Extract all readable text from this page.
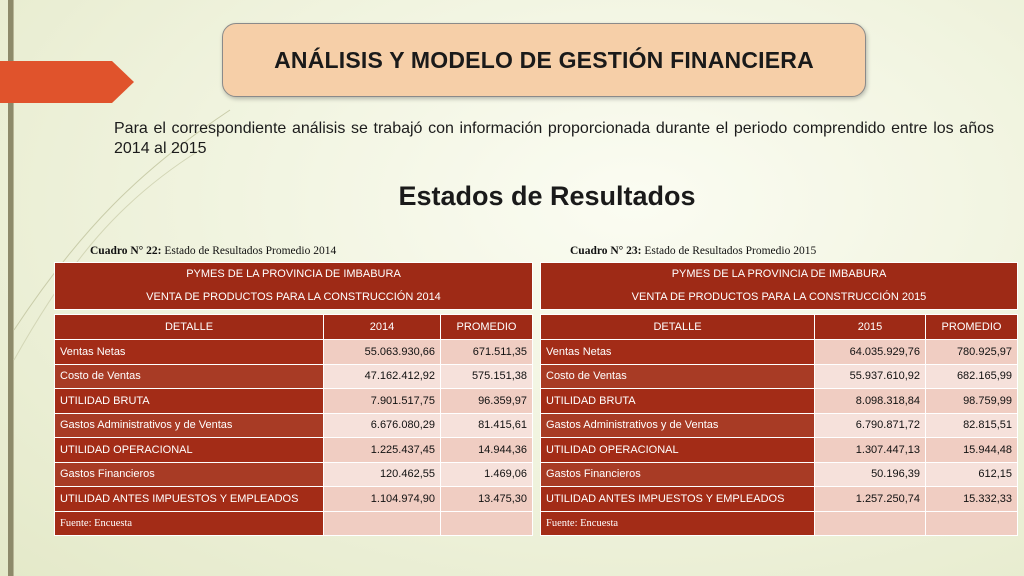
ANÁLISIS Y MODELO DE GESTIÓN FINANCIERA
Para el correspondiente análisis se trabajó con información proporcionada durante el periodo comprendido entre los años 2014 al 2015
Estados de Resultados
Cuadro N° 22: Estado de Resultados Promedio 2014	Cuadro N° 23: Estado de Resultados Promedio 2015
PYMES DE LA PROVINCIA DE IMBABURA
VENTA DE PRODUCTOS PARA LA CONSTRUCCIÓN 2014		

DETALLE	2014	PROMEDIO
Ventas Netas	55.063.930,66	671.511,35
Costo de Ventas	47.162.412,92	575.151,38
UTILIDAD BRUTA	7.901.517,75	96.359,97
Gastos Administrativos y de Ventas	6.676.080,29	81.415,61
UTILIDAD OPERACIONAL	1.225.437,45	14.944,36
Gastos Financieros	120.462,55	1.469,06
UTILIDAD ANTES IMPUESTOS Y EMPLEADOS	1.104.974,90	13.475,30
Fuente: Encuesta		
PYMES DE LA PROVINCIA DE IMBABURA
VENTA DE PRODUCTOS PARA LA CONSTRUCCIÓN 2015		

DETALLE	2015	PROMEDIO
Ventas Netas	64.035.929,76	780.925,97
Costo de Ventas	55.937.610,92	682.165,99
UTILIDAD BRUTA	8.098.318,84	98.759,99
Gastos Administrativos y de Ventas	6.790.871,72	82.815,51
UTILIDAD OPERACIONAL	1.307.447,13	15.944,48
Gastos Financieros	50.196,39	612,15
UTILIDAD ANTES IMPUESTOS Y EMPLEADOS	1.257.250,74	15.332,33
Fuente: Encuesta		
